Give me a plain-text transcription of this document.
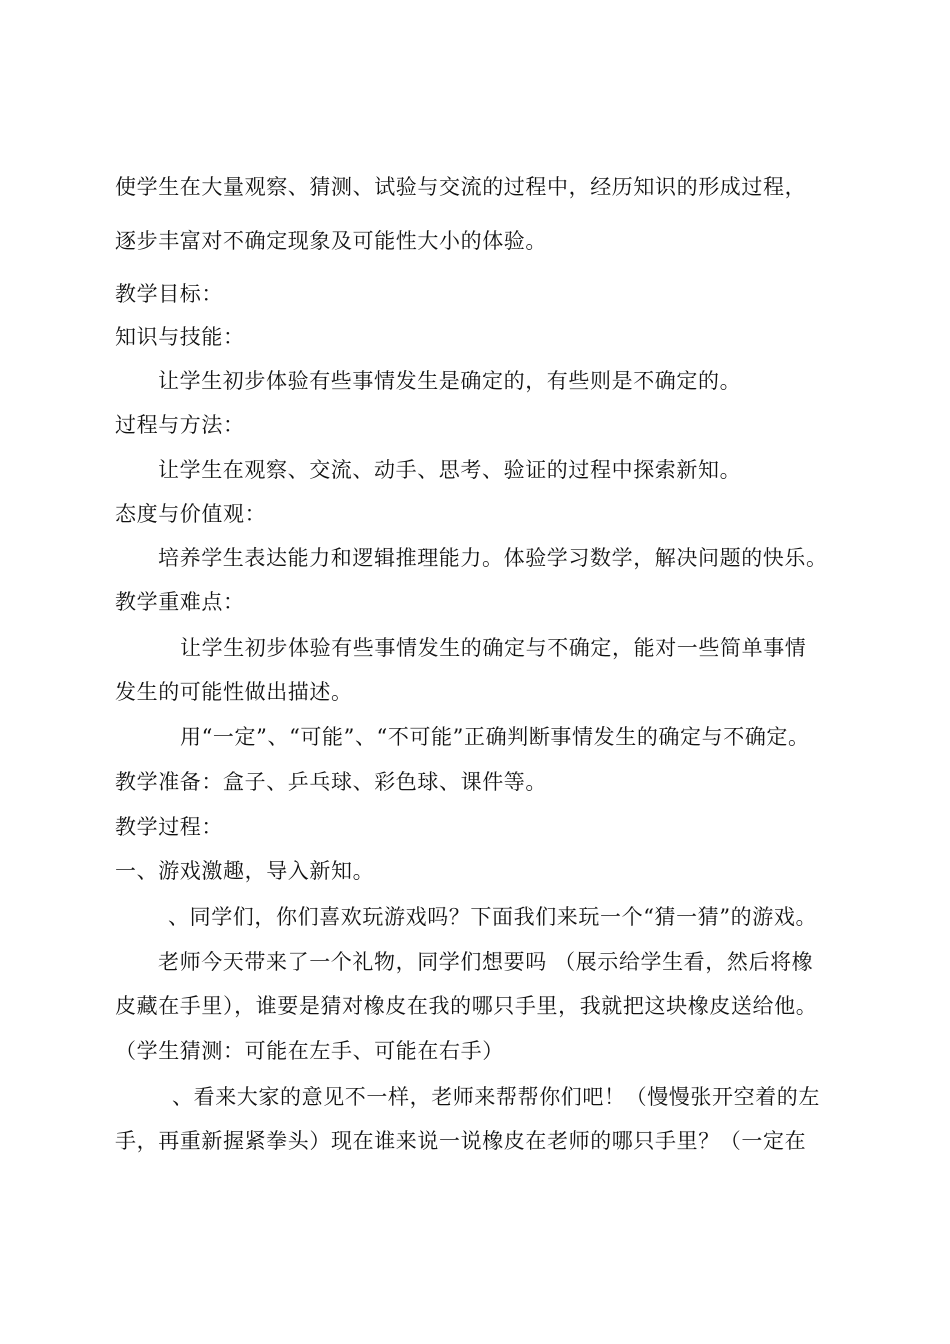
使学生在大量观察、猜测、试验与交流的过程中，经历知识的形成过程，
逐步丰富对不确定现象及可能性大小的体验。
教学目标：
知识与技能：
让学生初步体验有些事情发生是确定的，有些则是不确定的。
过程与方法：
让学生在观察、交流、动手、思考、验证的过程中探索新知。
态度与价值观：
培养学生表达能力和逻辑推理能力。体验学习数学，解决问题的快乐。
教学重难点：
让学生初步体验有些事情发生的确定与不确定，能对一些简单事情
发生的可能性做出描述。
用“一定”、“可能”、“不可能”正确判断事情发生的确定与不确定。
教学准备：盒子、乒乓球、彩色球、课件等。
教学过程：
一、游戏激趣，导入新知。
、同学们，你们喜欢玩游戏吗？下面我们来玩一个“猜一猜”的游戏。
老师今天带来了一个礼物，同学们想要吗 （展示给学生看，然后将橡
皮藏在手里），谁要是猜对橡皮在我的哪只手里，我就把这块橡皮送给他。
（学生猜测：可能在左手、可能在右手）
、看来大家的意见不一样，老师来帮帮你们吧！（慢慢张开空着的左
手，再重新握紧拳头）现在谁来说一说橡皮在老师的哪只手里？（一定在
